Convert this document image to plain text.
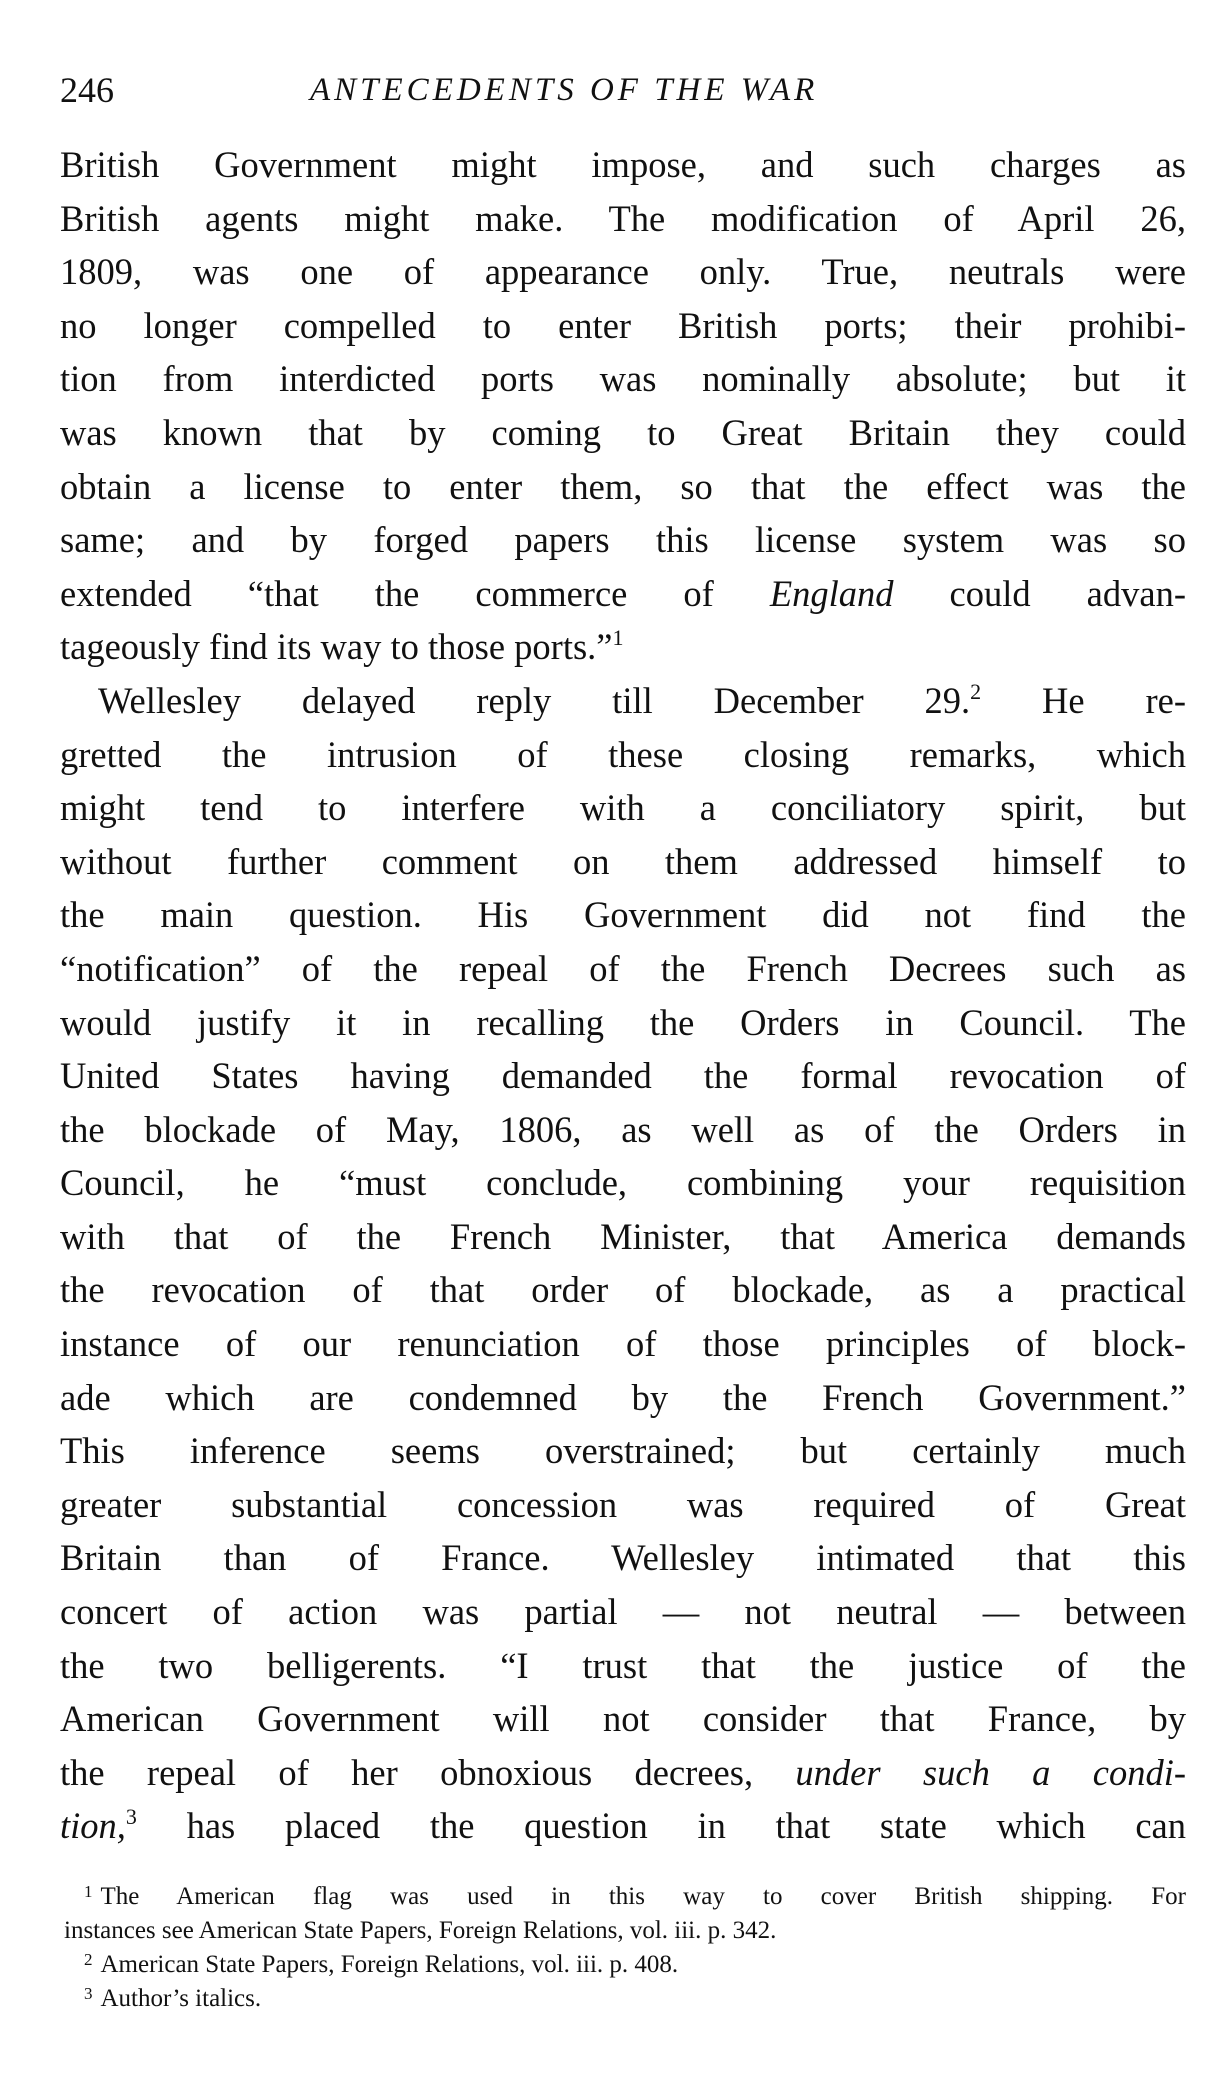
246	ANTECEDENTS OF THE WAR
British Government might impose, and such charges as
British agents might make. The modification of April 26,
1809, was one of appearance only. True, neutrals were
no longer compelled to enter British ports; their prohibi-
tion from interdicted ports was nominally absolute; but it
was known that by coming to Great Britain they could
obtain a license to enter them, so that the effect was the
same; and by forged papers this license system was so
extended “that the commerce of England could advan-
tageously find its way to those ports.”$^1$
Wellesley delayed reply till December 29.$^2$ He re-
gretted the intrusion of these closing remarks, which
might tend to interfere with a conciliatory spirit, but
without further comment on them addressed himself to
the main question. His Government did not find the
“notification” of the repeal of the French Decrees such as
would justify it in recalling the Orders in Council. The
United States having demanded the formal revocation of
the blockade of May, 1806, as well as of the Orders in
Council, he “must conclude, combining your requisition
with that of the French Minister, that America demands
the revocation of that order of blockade, as a practical
instance of our renunciation of those principles of block-
ade which are condemned by the French Government.”
This inference seems overstrained; but certainly much
greater substantial concession was required of Great
Britain than of France. Wellesley intimated that this
concert of action was partial — not neutral — between
the two belligerents. “I trust that the justice of the
American Government will not consider that France, by
the repeal of her obnoxious decrees, under such a condi-
tion,$^3$ has placed the question in that state which can
$^1$ The American flag was used in this way to cover British shipping. For
instances see American State Papers, Foreign Relations, vol. iii. p. 342.
$^2$ American State Papers, Foreign Relations, vol. iii. p. 408.
$^3$ Author’s italics.
